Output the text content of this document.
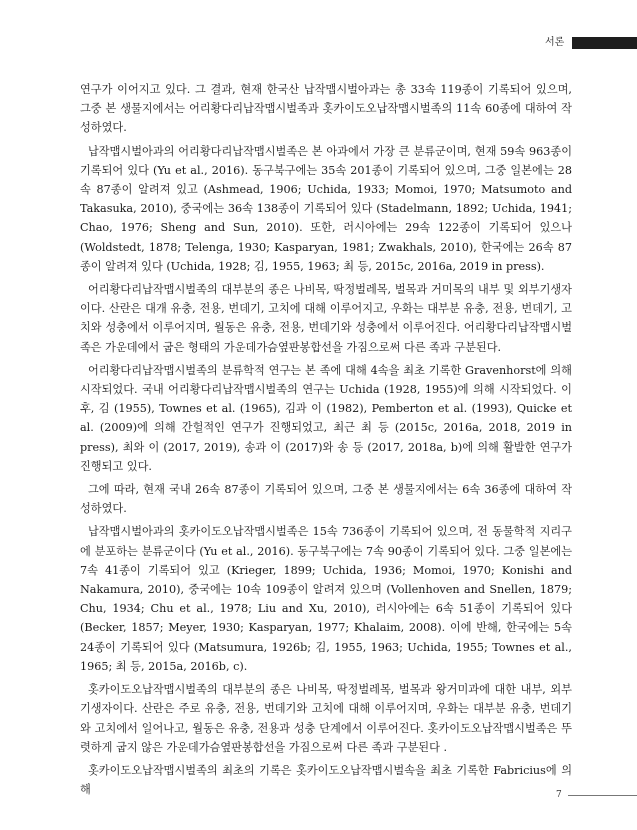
서론

연구가 이어지고 있다. 그 결과, 현재 한국산 납작맵시벌아과는 총 33속 119종이 기록되어 있으며, 그중 본 생물지에서는 어리황다리납작맵시벌족과 홋카이도오납작맵시벌족의 11속 60종에 대하여 작성하였다.

납작맵시벌아과의 어리황다리납작맵시벌족은 본 아과에서 가장 큰 분류군이며, 현재 59속 963종이 기록되어 있다 (Yu et al., 2016). 동구북구에는 35속 201종이 기록되어 있으며, 그중 일본에는 28속 87종이 알려져 있고 (Ashmead, 1906; Uchida, 1933; Momoi, 1970; Matsumoto and Takasuka, 2010), 중국에는 36속 138종이 기록되어 있다 (Stadelmann, 1892; Uchida, 1941; Chao, 1976; Sheng and Sun, 2010). 또한, 러시아에는 29속 122종이 기록되어 있으나 (Woldstedt, 1878; Telenga, 1930; Kasparyan, 1981; Zwakhals, 2010), 한국에는 26속 87종이 알려져 있다 (Uchida, 1928; 김, 1955, 1963; 최 등, 2015c, 2016a, 2019 in press).

어리황다리납작맵시벌족의 대부분의 종은 나비목, 딱정벌레목, 벌목과 거미목의 내부 및 외부기생자이다. 산란은 대개 유충, 전용, 번데기, 고치에 대해 이루어지고, 우화는 대부분 유충, 전용, 번데기, 고치와 성충에서 이루어지며, 월동은 유충, 전용, 번데기와 성충에서 이루어진다. 어리황다리납작맵시벌족은 가운데에서 굽은 형태의 가운데가슴옆판봉합선을 가짐으로써 다른 족과 구분된다.

어리황다리납작맵시벌족의 분류학적 연구는 본 족에 대해 4속을 최초 기록한 Gravenhorst에 의해 시작되었다. 국내 어리황다리납작맵시벌족의 연구는 Uchida (1928, 1955)에 의해 시작되었다. 이후, 김 (1955), Townes et al. (1965), 김과 이 (1982), Pemberton et al. (1993), Quicke et al. (2009)에 의해 간헐적인 연구가 진행되었고, 최근 최 등 (2015c, 2016a, 2018, 2019 in press), 최와 이 (2017, 2019), 송과 이 (2017)와 송 등 (2017, 2018a, b)에 의해 활발한 연구가 진행되고 있다.

그에 따라, 현재 국내 26속 87종이 기록되어 있으며, 그중 본 생물지에서는 6속 36종에 대하여 작성하였다.

납작맵시벌아과의 홋카이도오납작맵시벌족은 15속 736종이 기록되어 있으며, 전 동물학적 지리구에 분포하는 분류군이다 (Yu et al., 2016). 동구북구에는 7속 90종이 기록되어 있다. 그중 일본에는 7속 41종이 기록되어 있고 (Krieger, 1899; Uchida, 1936; Momoi, 1970; Konishi and Nakamura, 2010), 중국에는 10속 109종이 알려져 있으며 (Vollenhoven and Snellen, 1879; Chu, 1934; Chu et al., 1978; Liu and Xu, 2010), 러시아에는 6속 51종이 기록되어 있다 (Becker, 1857; Meyer, 1930; Kasparyan, 1977; Khalaim, 2008). 이에 반해, 한국에는 5속 24종이 기록되어 있다 (Matsumura, 1926b; 김, 1955, 1963; Uchida, 1955; Townes et al., 1965; 최 등, 2015a, 2016b, c).

홋카이도오납작맵시벌족의 대부분의 종은 나비목, 딱정벌레목, 벌목과 왕거미과에 대한 내부, 외부기생자이다. 산란은 주로 유충, 전용, 번데기와 고치에 대해 이루어지며, 우화는 대부분 유충, 번데기와 고치에서 일어나고, 월동은 유충, 전용과 성충 단계에서 이루어진다. 홋카이도오납작맵시벌족은 뚜렷하게 굽지 않은 가운데가슴옆판봉합선을 가짐으로써 다른 족과 구분된다 .

홋카이도오납작맵시벌족의 최초의 기록은 홋카이도오납작맵시벌속을 최초 기록한 Fabricius에 의해	7
